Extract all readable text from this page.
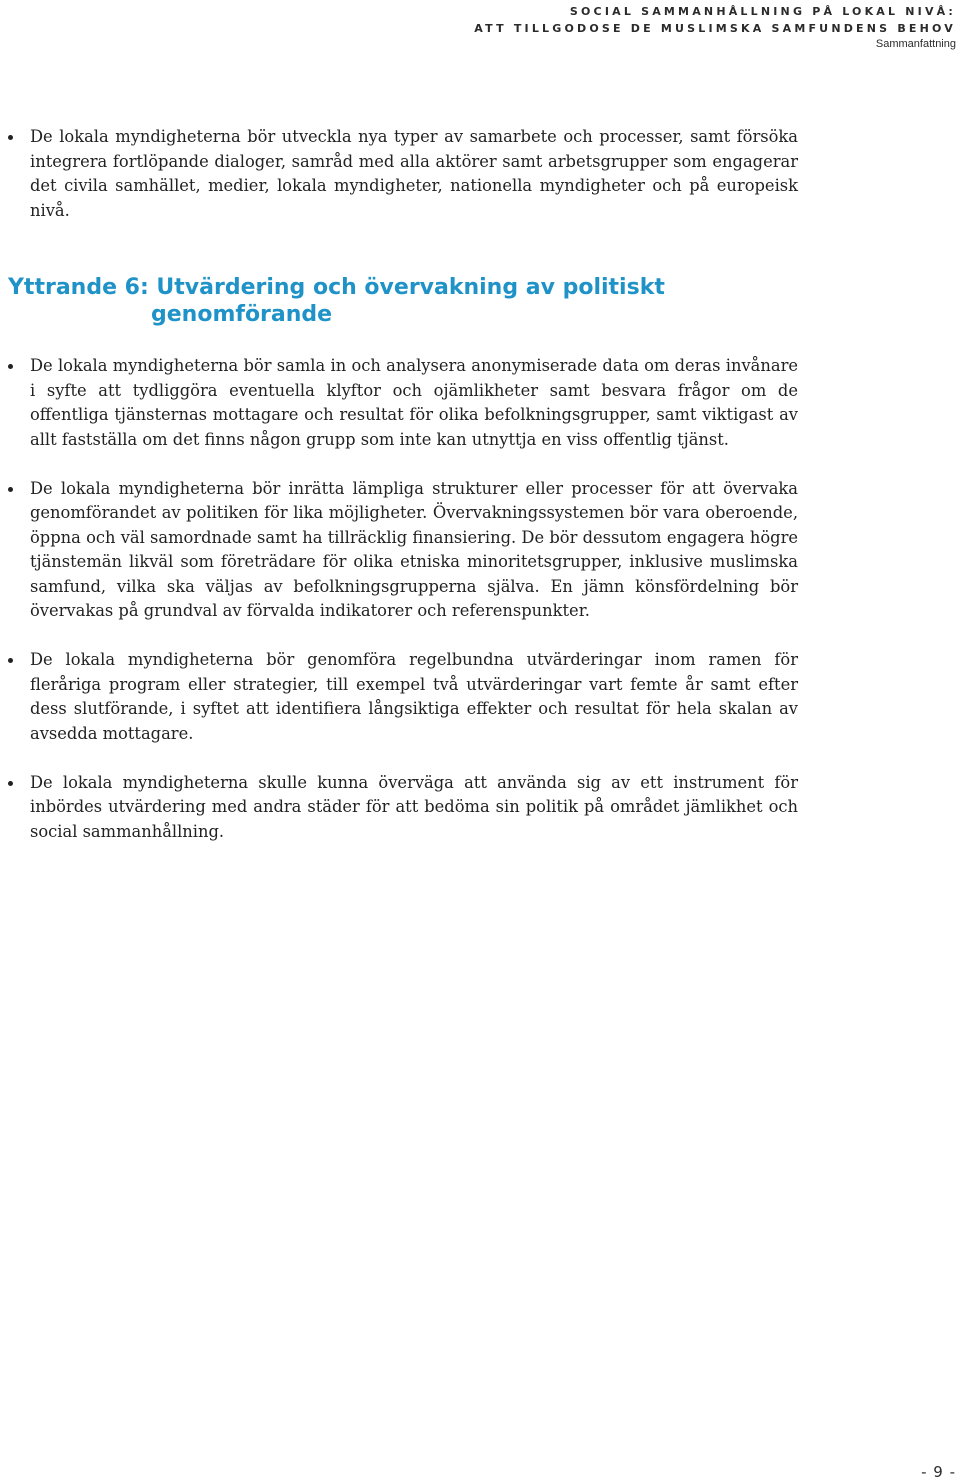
SOCIAL SAMMANHÅLLNING PÅ LOKAL NIVÅ:
ATT TILLGODOSE DE MUSLIMSKA SAMFUNDENS BEHOV
Sammanfattning
De lokala myndigheterna bör utveckla nya typer av samarbete och processer, samt försöka integrera fortlöpande dialoger, samråd med alla aktörer samt arbetsgrupper som engagerar det civila samhället, medier, lokala myndigheter, nationella myndigheter och på europeisk nivå.
Yttrande 6: Utvärdering och övervakning av politiskt
genomförande
De lokala myndigheterna bör samla in och analysera anonymiserade data om deras invånare i syfte att tydliggöra eventuella klyftor och ojämlikheter samt besvara frågor om de offentliga tjänsternas mottagare och resultat för olika befolkningsgrupper, samt viktigast av allt fastställa om det finns någon grupp som inte kan utnyttja en viss offentlig tjänst.
De lokala myndigheterna bör inrätta lämpliga strukturer eller processer för att övervaka genomförandet av politiken för lika möjligheter. Övervakningssystemen bör vara oberoende, öppna och väl samordnade samt ha tillräcklig finansiering. De bör dessutom engagera högre tjänstemän likväl som företrädare för olika etniska minoritetsgrupper, inklusive muslimska samfund, vilka ska väljas av befolkningsgrupperna själva. En jämn könsfördelning bör övervakas på grundval av förvalda indikatorer och referenspunkter.
De lokala myndigheterna bör genomföra regelbundna utvärderingar inom ramen för fleråriga program eller strategier, till exempel två utvärderingar vart femte år samt efter dess slutförande, i syftet att identifiera långsiktiga effekter och resultat för hela skalan av avsedda mottagare.
De lokala myndigheterna skulle kunna överväga att använda sig av ett instrument för inbördes utvärdering med andra städer för att bedöma sin politik på området jämlikhet och social sammanhållning.
- 9 -
